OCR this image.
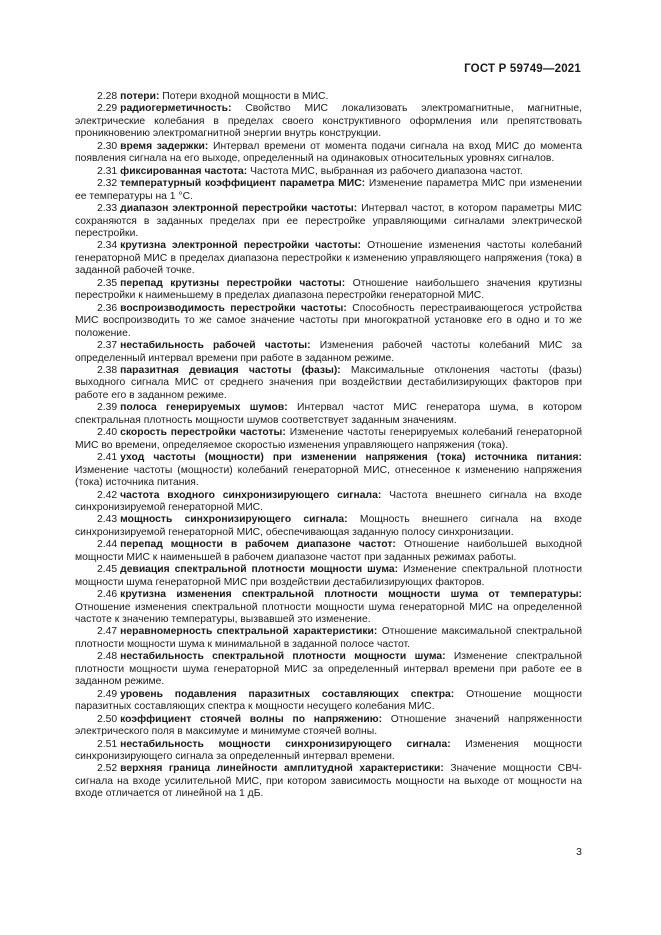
ГОСТ Р 59749—2021

2.28 потери: Потери входной мощности в МИС.

2.29 радиогерметичность: Свойство МИС локализовать электромагнитные, магнитные, электрические колебания в пределах своего конструктивного оформления или препятствовать проникновению электромагнитной энергии внутрь конструкции.

2.30 время задержки: Интервал времени от момента подачи сигнала на вход МИС до момента появления сигнала на его выходе, определенный на одинаковых относительных уровнях сигналов.

2.31 фиксированная частота: Частота МИС, выбранная из рабочего диапазона частот.

2.32 температурный коэффициент параметра МИС: Изменение параметра МИС при изменении ее температуры на 1 °С.

2.33 диапазон электронной перестройки частоты: Интервал частот, в котором параметры МИС сохраняются в заданных пределах при ее перестройке управляющими сигналами электрической перестройки.

2.34 крутизна электронной перестройки частоты: Отношение изменения частоты колебаний генераторной МИС в пределах диапазона перестройки к изменению управляющего напряжения (тока) в заданной рабочей точке.

2.35 перепад крутизны перестройки частоты: Отношение наибольшего значения крутизны перестройки к наименьшему в пределах диапазона перестройки генераторной МИС.

2.36 воспроизводимость перестройки частоты: Способность перестраивающегося устройства МИС воспроизводить то же самое значение частоты при многократной установке его в одно и то же положение.

2.37 нестабильность рабочей частоты: Изменения рабочей частоты колебаний МИС за определенный интервал времени при работе в заданном режиме.

2.38 паразитная девиация частоты (фазы): Максимальные отклонения частоты (фазы) выходного сигнала МИС от среднего значения при воздействии дестабилизирующих факторов при работе его в заданном режиме.

2.39 полоса генерируемых шумов: Интервал частот МИС генератора шума, в котором спектральная плотность мощности шумов соответствует заданным значениям.

2.40 скорость перестройки частоты: Изменение частоты генерируемых колебаний генераторной МИС во времени, определяемое скоростью изменения управляющего напряжения (тока).

2.41 уход частоты (мощности) при изменении напряжения (тока) источника питания: Изменение частоты (мощности) колебаний генераторной МИС, отнесенное к изменению напряжения (тока) источника питания.

2.42 частота входного синхронизирующего сигнала: Частота внешнего сигнала на входе синхронизируемой генераторной МИС.

2.43 мощность синхронизирующего сигнала: Мощность внешнего сигнала на входе синхронизируемой генераторной МИС, обеспечивающая заданную полосу синхронизации.

2.44 перепад мощности в рабочем диапазоне частот: Отношение наибольшей выходной мощности МИС к наименьшей в рабочем диапазоне частот при заданных режимах работы.

2.45 девиация спектральной плотности мощности шума: Изменение спектральной плотности мощности шума генераторной МИС при воздействии дестабилизирующих факторов.

2.46 крутизна изменения спектральной плотности мощности шума от температуры: Отношение изменения спектральной плотности мощности шума генераторной МИС на определенной частоте к значению температуры, вызвавшей это изменение.

2.47 неравномерность спектральной характеристики: Отношение максимальной спектральной плотности мощности шума к минимальной в заданной полосе частот.

2.48 нестабильность спектральной плотности мощности шума: Изменение спектральной плотности мощности шума генераторной МИС за определенный интервал времени при работе ее в заданном режиме.

2.49 уровень подавления паразитных составляющих спектра: Отношение мощности паразитных составляющих спектра к мощности несущего колебания МИС.

2.50 коэффициент стоячей волны по напряжению: Отношение значений напряженности электрического поля в максимуме и минимуме стоячей волны.

2.51 нестабильность мощности синхронизирующего сигнала: Изменения мощности синхронизирующего сигнала за определенный интервал времени.

2.52 верхняя граница линейности амплитудной характеристики: Значение мощности СВЧ-сигнала на входе усилительной МИС, при котором зависимость мощности на выходе от мощности на входе отличается от линейной на 1 дБ.

3
